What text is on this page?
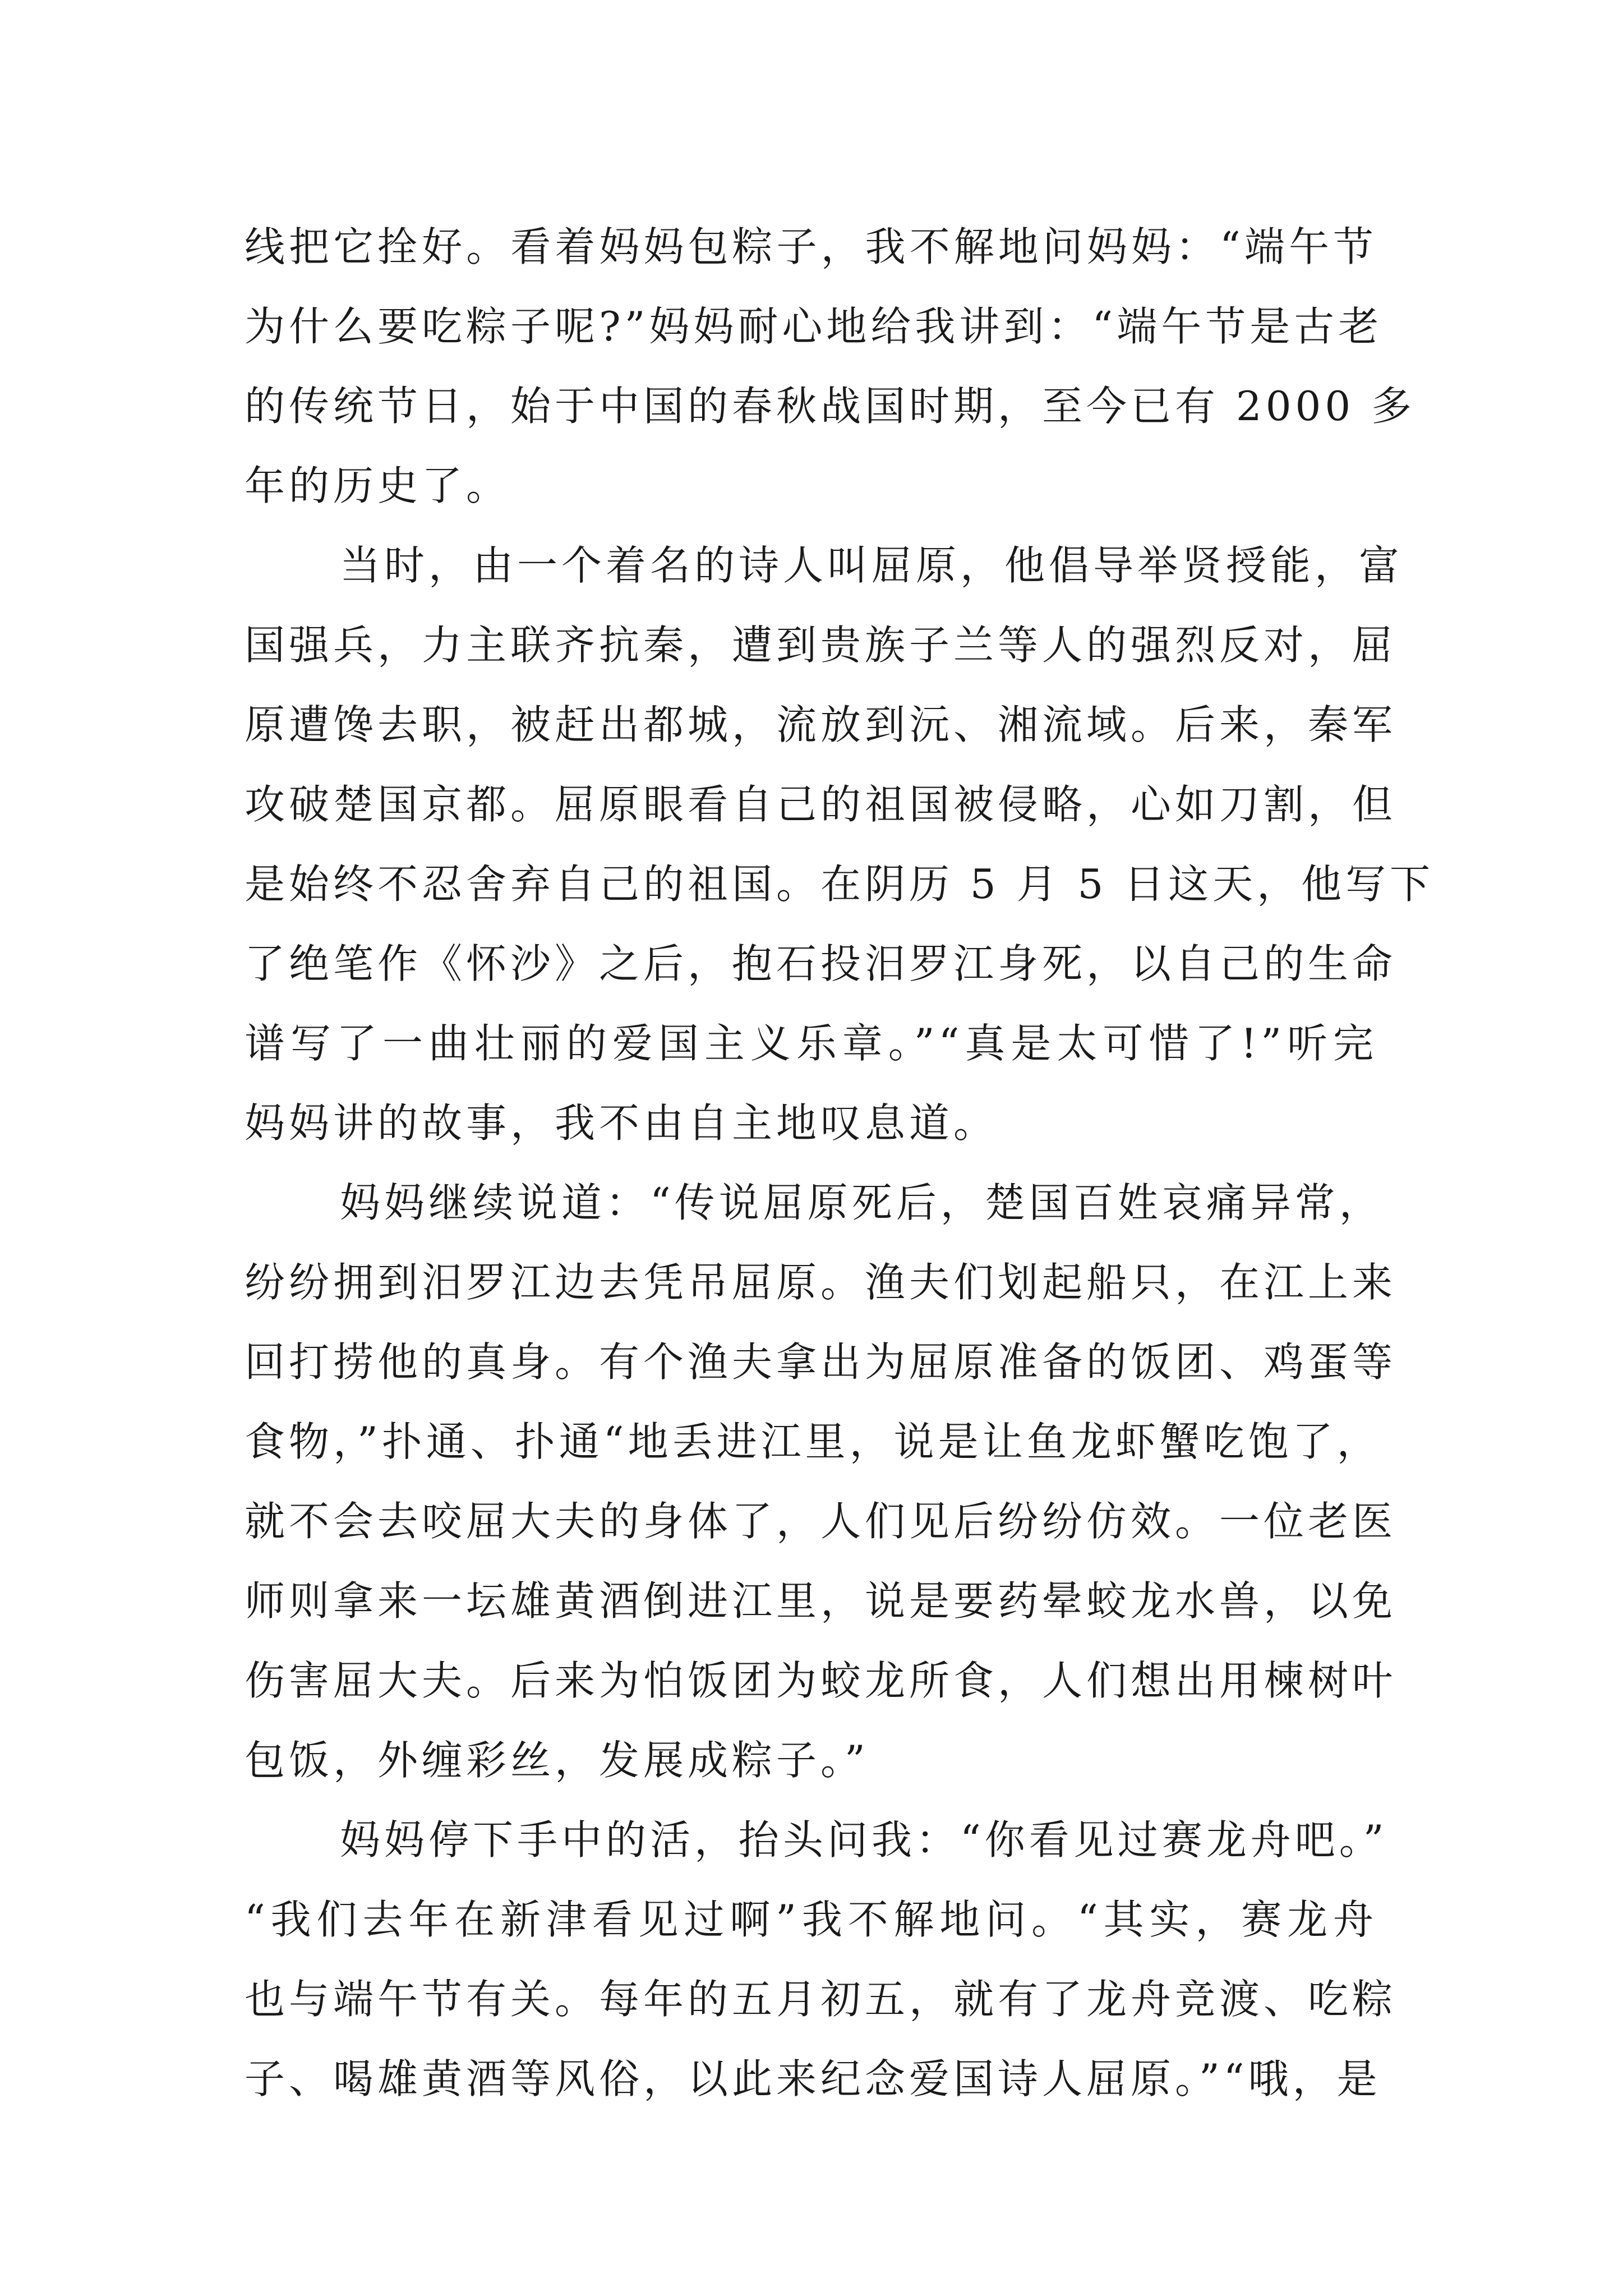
线把它拴好。看着妈妈包粽子，我不解地问妈妈：“端午节
为什么要吃粽子呢?”妈妈耐心地给我讲到：“端午节是古老
的传统节日，始于中国的春秋战国时期，至今已有 2000 多
年的历史了。
当时，由一个着名的诗人叫屈原，他倡导举贤授能，富
国强兵，力主联齐抗秦，遭到贵族子兰等人的强烈反对，屈
原遭馋去职，被赶出都城，流放到沅、湘流域。后来，秦军
攻破楚国京都。屈原眼看自己的祖国被侵略，心如刀割，但
是始终不忍舍弃自己的祖国。在阴历 5 月 5 日这天，他写下
了绝笔作《怀沙》之后，抱石投汨罗江身死，以自己的生命
谱写了一曲壮丽的爱国主义乐章。”“真是太可惜了!”听完
妈妈讲的故事，我不由自主地叹息道。
妈妈继续说道：“传说屈原死后，楚国百姓哀痛异常，
纷纷拥到汨罗江边去凭吊屈原。渔夫们划起船只，在江上来
回打捞他的真身。有个渔夫拿出为屈原准备的饭团、鸡蛋等
食物，”扑通、扑通“地丢进江里，说是让鱼龙虾蟹吃饱了，
就不会去咬屈大夫的身体了，人们见后纷纷仿效。一位老医
师则拿来一坛雄黄酒倒进江里，说是要药晕蛟龙水兽，以免
伤害屈大夫。后来为怕饭团为蛟龙所食，人们想出用楝树叶
包饭，外缠彩丝，发展成粽子。”
妈妈停下手中的活，抬头问我：“你看见过赛龙舟吧。”
“我们去年在新津看见过啊”我不解地问。“其实，赛龙舟
也与端午节有关。每年的五月初五，就有了龙舟竞渡、吃粽
子、喝雄黄酒等风俗，以此来纪念爱国诗人屈原。”“哦，是
